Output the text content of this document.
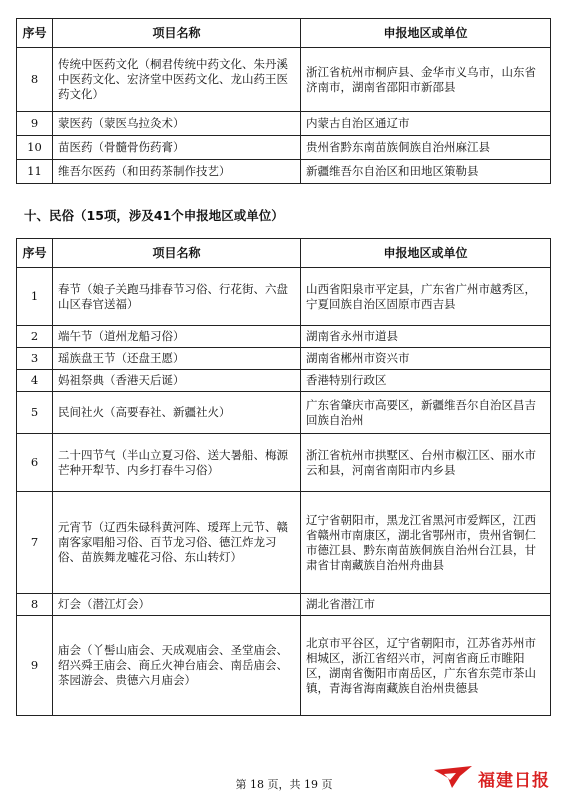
序号	项目名称	申报地区或单位
8	传统中医药文化（桐君传统中药文化、朱丹溪中医药文化、宏济堂中医药文化、龙山药王医药文化）	浙江省杭州市桐庐县、金华市义乌市，山东省济南市，湖南省邵阳市新邵县
9	蒙医药（蒙医乌拉灸术）	内蒙古自治区通辽市
10	苗医药（骨髓骨伤药膏）	贵州省黔东南苗族侗族自治州麻江县
11	维吾尔医药（和田药茶制作技艺）	新疆维吾尔自治区和田地区策勒县
十、民俗（15项，涉及41个申报地区或单位）
序号	项目名称	申报地区或单位
1	春节（娘子关跑马排春节习俗、行花街、六盘山区春官送福）	山西省阳泉市平定县，广东省广州市越秀区，宁夏回族自治区固原市西吉县
2	端午节（道州龙船习俗）	湖南省永州市道县
3	瑶族盘王节（还盘王愿）	湖南省郴州市资兴市
4	妈祖祭典（香港天后诞）	香港特别行政区
5	民间社火（高要春社、新疆社火）	广东省肇庆市高要区，新疆维吾尔自治区昌吉回族自治州
6	二十四节气（半山立夏习俗、送大暑船、梅源芒种开犁节、内乡打春牛习俗）	浙江省杭州市拱墅区、台州市椒江区、丽水市云和县，河南省南阳市内乡县
7	元宵节（辽西朱碌科黄河阵、瑷珲上元节、赣南客家唱船习俗、百节龙习俗、德江炸龙习俗、苗族舞龙嘘花习俗、东山转灯）	辽宁省朝阳市，黑龙江省黑河市爱辉区，江西省赣州市南康区，湖北省鄂州市，贵州省铜仁市德江县、黔东南苗族侗族自治州台江县，甘肃省甘南藏族自治州舟曲县
8	灯会（潜江灯会）	湖北省潜江市
9	庙会（丫髻山庙会、天成观庙会、圣堂庙会、绍兴舜王庙会、商丘火神台庙会、南岳庙会、茶园游会、贵德六月庙会）	北京市平谷区，辽宁省朝阳市，江苏省苏州市相城区，浙江省绍兴市，河南省商丘市睢阳区，湖南省衡阳市南岳区，广东省东莞市茶山镇，青海省海南藏族自治州贵德县
第 18 页，共 19 页	福建日报
